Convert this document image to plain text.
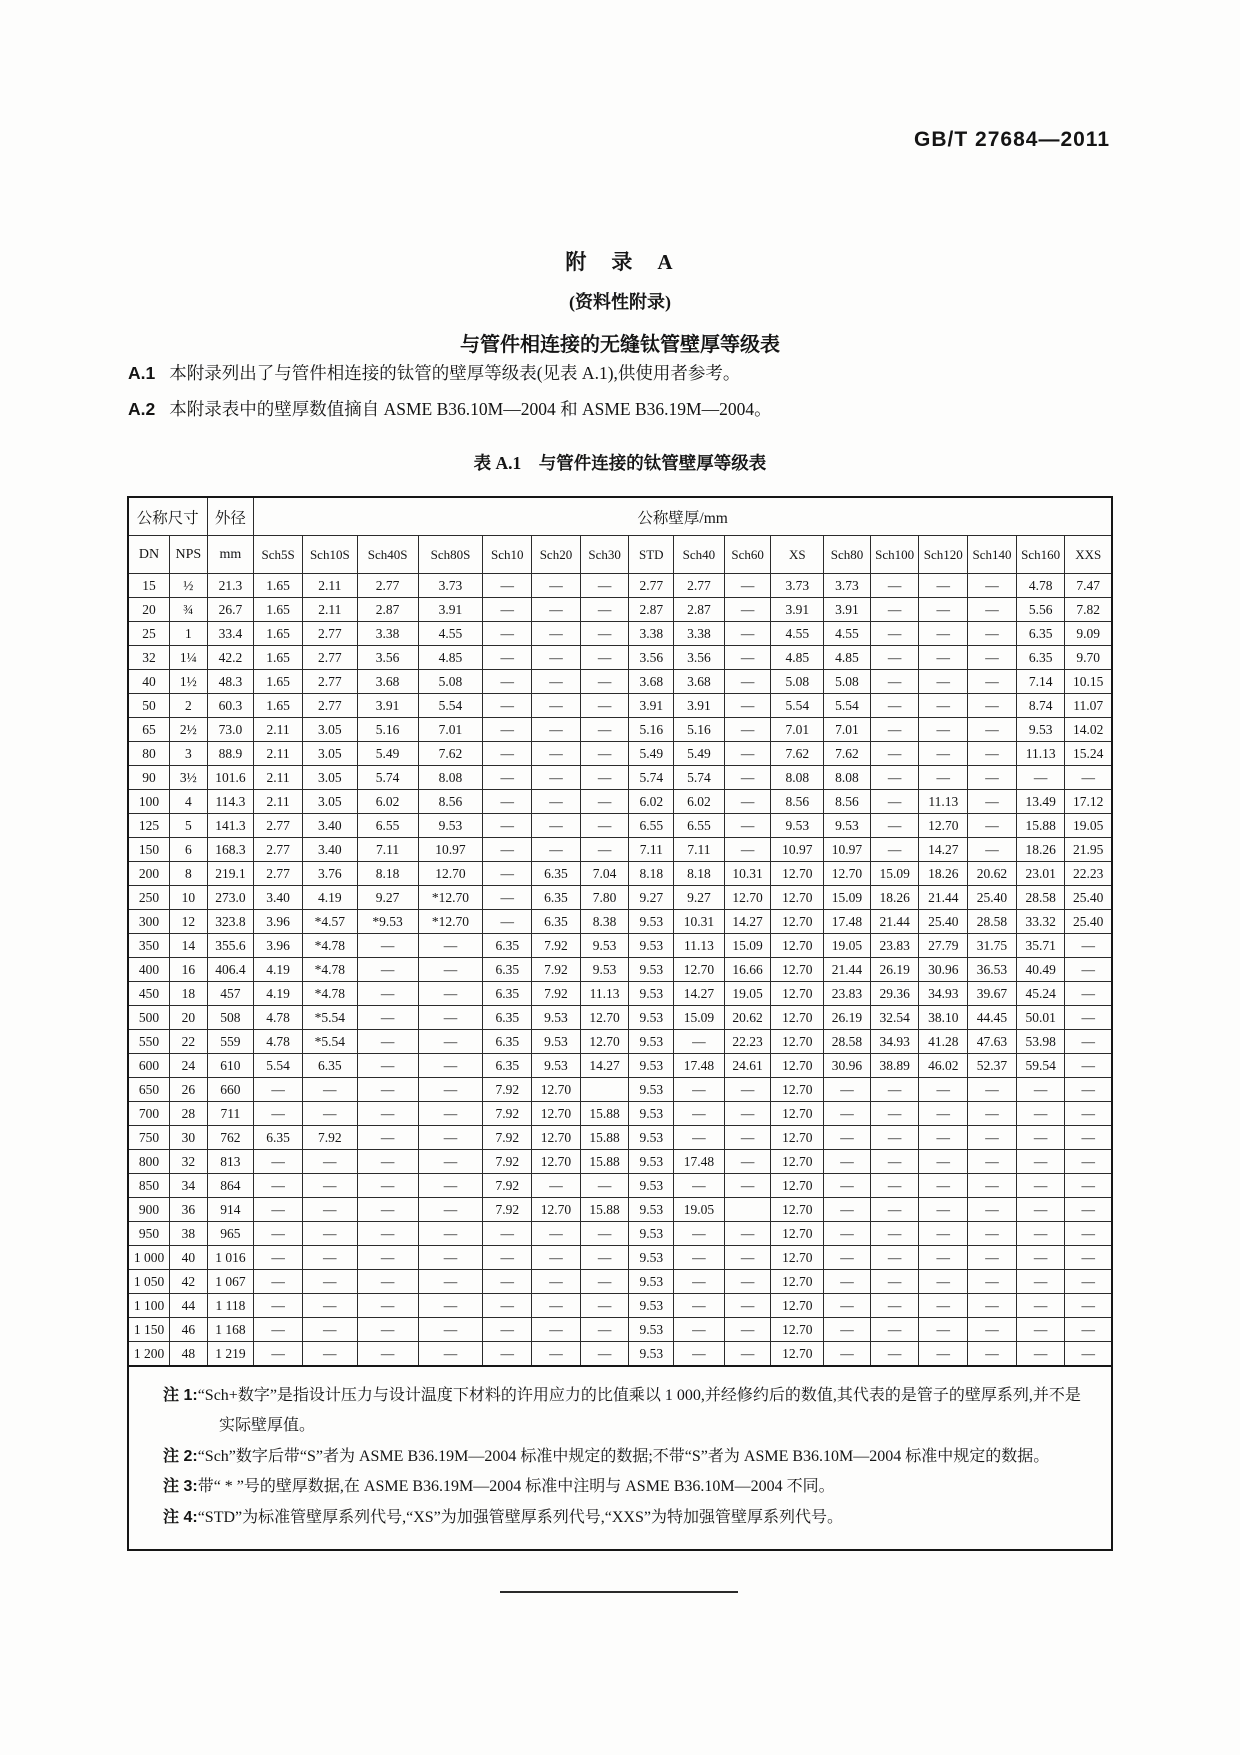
GB/T 27684—2011
附　录　A
(资料性附录)
与管件相连接的无缝钛管壁厚等级表
A.1 本附录列出了与管件相连接的钛管的壁厚等级表(见表 A.1),供使用者参考。
A.2 本附录表中的壁厚数值摘自 ASME B36.10M—2004 和 ASME B36.19M—2004。
表 A.1　与管件连接的钛管壁厚等级表
公称尺寸		外径	公称壁厚/mm																
DN	NPS	mm	Sch5S	Sch10S	Sch40S	Sch80S	Sch10	Sch20	Sch30	STD	Sch40	Sch60	XS	Sch80	Sch100	Sch120	Sch140	Sch160	XXS
15	½	21.3	1.65	2.11	2.77	3.73	—	—	—	2.77	2.77	—	3.73	3.73	—	—	—	4.78	7.47
20	¾	26.7	1.65	2.11	2.87	3.91	—	—	—	2.87	2.87	—	3.91	3.91	—	—	—	5.56	7.82
25	1	33.4	1.65	2.77	3.38	4.55	—	—	—	3.38	3.38	—	4.55	4.55	—	—	—	6.35	9.09
32	1¼	42.2	1.65	2.77	3.56	4.85	—	—	—	3.56	3.56	—	4.85	4.85	—	—	—	6.35	9.70
40	1½	48.3	1.65	2.77	3.68	5.08	—	—	—	3.68	3.68	—	5.08	5.08	—	—	—	7.14	10.15
50	2	60.3	1.65	2.77	3.91	5.54	—	—	—	3.91	3.91	—	5.54	5.54	—	—	—	8.74	11.07
65	2½	73.0	2.11	3.05	5.16	7.01	—	—	—	5.16	5.16	—	7.01	7.01	—	—	—	9.53	14.02
80	3	88.9	2.11	3.05	5.49	7.62	—	—	—	5.49	5.49	—	7.62	7.62	—	—	—	11.13	15.24
90	3½	101.6	2.11	3.05	5.74	8.08	—	—	—	5.74	5.74	—	8.08	8.08	—	—	—	—	—
100	4	114.3	2.11	3.05	6.02	8.56	—	—	—	6.02	6.02	—	8.56	8.56	—	11.13	—	13.49	17.12
125	5	141.3	2.77	3.40	6.55	9.53	—	—	—	6.55	6.55	—	9.53	9.53	—	12.70	—	15.88	19.05
150	6	168.3	2.77	3.40	7.11	10.97	—	—	—	7.11	7.11	—	10.97	10.97	—	14.27	—	18.26	21.95
200	8	219.1	2.77	3.76	8.18	12.70	—	6.35	7.04	8.18	8.18	10.31	12.70	12.70	15.09	18.26	20.62	23.01	22.23
250	10	273.0	3.40	4.19	9.27	*12.70	—	6.35	7.80	9.27	9.27	12.70	12.70	15.09	18.26	21.44	25.40	28.58	25.40
300	12	323.8	3.96	*4.57	*9.53	*12.70	—	6.35	8.38	9.53	10.31	14.27	12.70	17.48	21.44	25.40	28.58	33.32	25.40
350	14	355.6	3.96	*4.78	—	—	6.35	7.92	9.53	9.53	11.13	15.09	12.70	19.05	23.83	27.79	31.75	35.71	—
400	16	406.4	4.19	*4.78	—	—	6.35	7.92	9.53	9.53	12.70	16.66	12.70	21.44	26.19	30.96	36.53	40.49	—
450	18	457	4.19	*4.78	—	—	6.35	7.92	11.13	9.53	14.27	19.05	12.70	23.83	29.36	34.93	39.67	45.24	—
500	20	508	4.78	*5.54	—	—	6.35	9.53	12.70	9.53	15.09	20.62	12.70	26.19	32.54	38.10	44.45	50.01	—
550	22	559	4.78	*5.54	—	—	6.35	9.53	12.70	9.53	—	22.23	12.70	28.58	34.93	41.28	47.63	53.98	—
600	24	610	5.54	6.35	—	—	6.35	9.53	14.27	9.53	17.48	24.61	12.70	30.96	38.89	46.02	52.37	59.54	—
650	26	660	—	—	—	—	7.92	12.70		9.53	—	—	12.70	—	—	—	—	—	—
700	28	711	—	—	—	—	7.92	12.70	15.88	9.53	—	—	12.70	—	—	—	—	—	—
750	30	762	6.35	7.92	—	—	7.92	12.70	15.88	9.53	—	—	12.70	—	—	—	—	—	—
800	32	813	—	—	—	—	7.92	12.70	15.88	9.53	17.48	—	12.70	—	—	—	—	—	—
850	34	864	—	—	—	—	7.92	—	—	9.53	—	—	12.70	—	—	—	—	—	—
900	36	914	—	—	—	—	7.92	12.70	15.88	9.53	19.05		12.70	—	—	—	—	—	—
950	38	965	—	—	—	—	—	—	—	9.53	—	—	12.70	—	—	—	—	—	—
1 000	40	1 016	—	—	—	—	—	—	—	9.53	—	—	12.70	—	—	—	—	—	—
1 050	42	1 067	—	—	—	—	—	—	—	9.53	—	—	12.70	—	—	—	—	—	—
1 100	44	1 118	—	—	—	—	—	—	—	9.53	—	—	12.70	—	—	—	—	—	—
1 150	46	1 168	—	—	—	—	—	—	—	9.53	—	—	12.70	—	—	—	—	—	—
1 200	48	1 219	—	—	—	—	—	—	—	9.53	—	—	12.70	—	—	—	—	—	—
注 1:“Sch+数字”是指设计压力与设计温度下材料的许用应力的比值乘以 1 000,并经修约后的数值,其代表的是管子的壁厚系列,并不是实际壁厚值。
注 2:“Sch”数字后带“S”者为 ASME B36.19M—2004 标准中规定的数据;不带“S”者为 ASME B36.10M—2004 标准中规定的数据。
注 3:带“ * ”号的壁厚数据,在 ASME B36.19M—2004 标准中注明与 ASME B36.10M—2004 不同。
注 4:“STD”为标准管壁厚系列代号,“XS”为加强管壁厚系列代号,“XXS”为特加强管壁厚系列代号。
